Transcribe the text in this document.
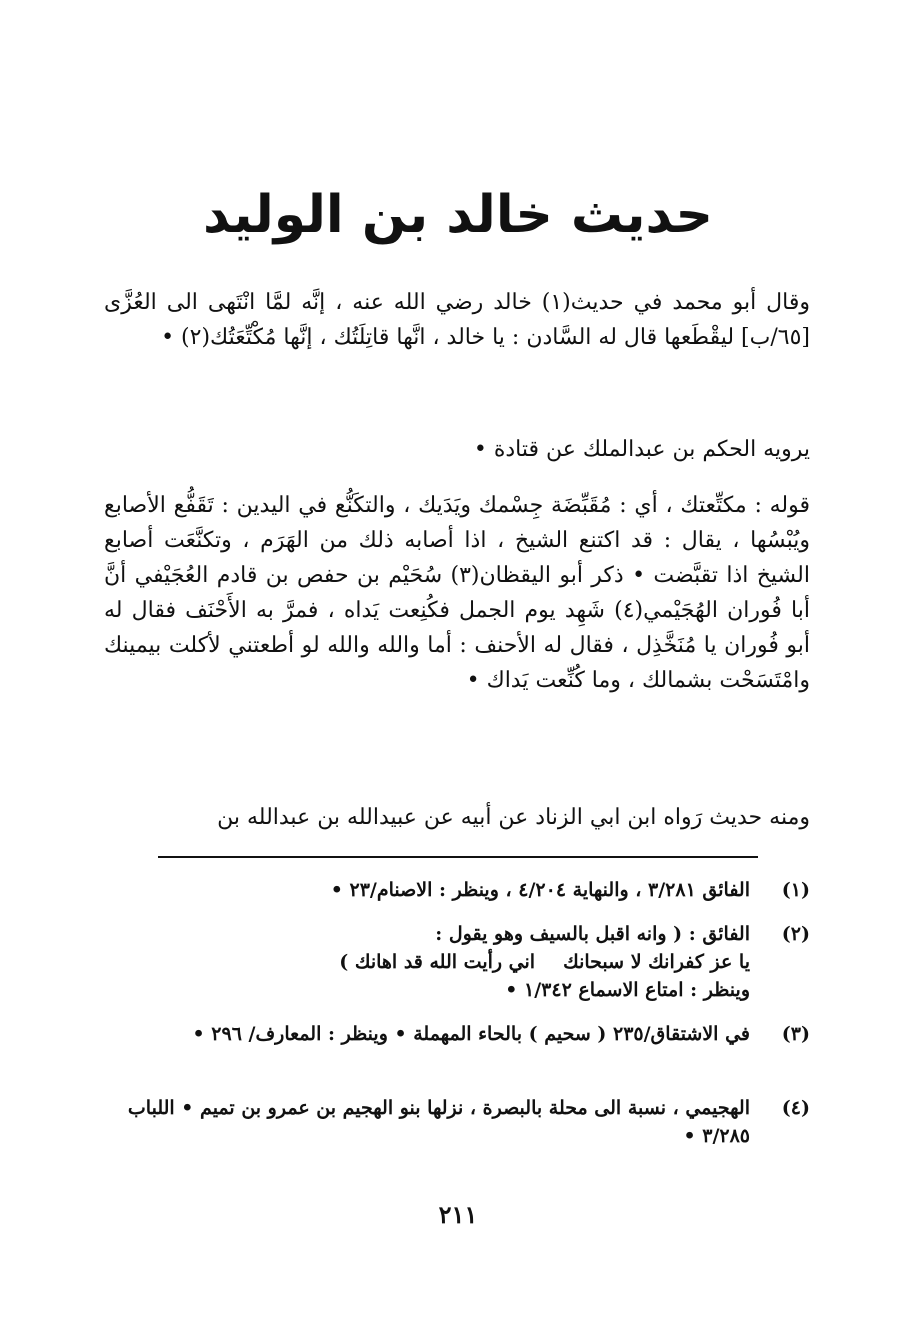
حديث خالد بن الوليد
وقال أبو محمد في حديث(١) خالد رضي الله عنه ، إنَّه لمَّا انْتَهى الى العُزَّى [٦٥/ب] ليقْطَعها قال له السَّادن : يا خالد ، انَّها قاتِلَتُك ، إنَّها مُكْتِّعَتُك(٢) •
يرويه الحكم بن عبدالملك عن قتادة •
قوله : مكتِّعتك ، أي : مُقَبِّضَة جِسْمك ويَدَيك ، والتكَنُّع في اليدين : تَقَفُّع الأصابع ويُبْسُها ، يقال : قد اكتنع الشيخ ، اذا أصابه ذلك من الهَرَم ، وتكنَّعَت أصابع الشيخ اذا تقبَّضت • ذكر أبو اليقظان(٣) سُحَيْم بن حفص بن قادم العُجَيْفي أنَّ أبا فُوران الهُجَيْمي(٤) شَهِد يوم الجمل فكُنِعت يَداه ، فمرَّ به الأَحْنَف فقال له أبو فُوران يا مُنَخَّذِل ، فقال له الأحنف : أما والله والله لو أطعتني لأكلت بيمينك وامْتَسَحْت بشمالك ، وما كُنِّعت يَداك •
ومنه حديث رَواه ابن ابي الزناد عن أبيه عن عبيدالله بن عبدالله بن
(١)
الفائق ٣/٢٨١ ، والنهاية ٤/٢٠٤ ، وينظر : الاصنام/٢٣ •
(٢)
الفائق : ( وانه اقبل بالسيف وهو يقول :
يا عز كفرانك لا سبحانك
اني رأيت الله قد اهانك )
وينظر : امتاع الاسماع ١/٣٤٢ •
(٣)
في الاشتقاق/٢٣٥ ( سحيم ) بالحاء المهملة • وينظر : المعارف/ ٢٩٦ •
(٤)
الهجيمي ، نسبة الى محلة بالبصرة ، نزلها بنو الهجيم بن عمرو بن تميم • اللباب ٣/٢٨٥ •
٢١١
